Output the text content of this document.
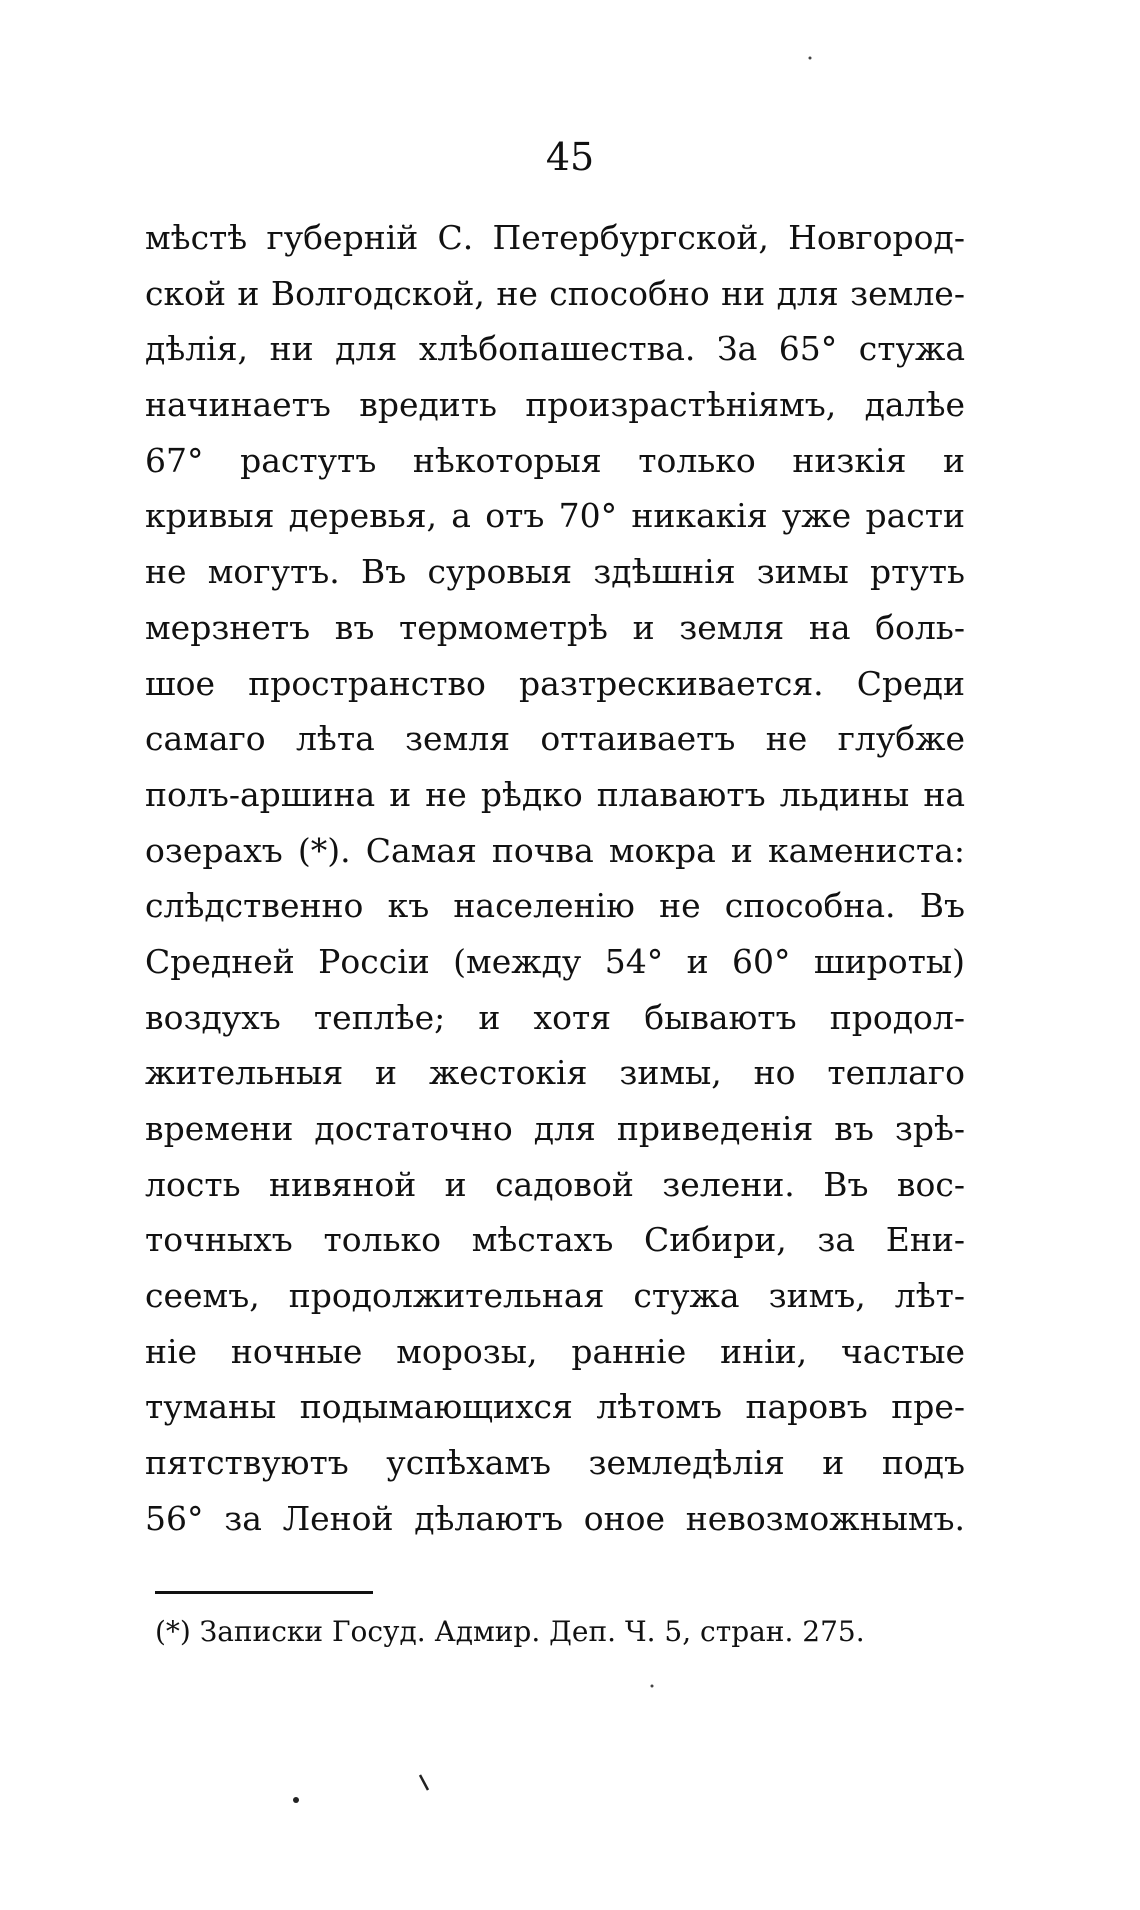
45
мѣстѣ губерній С. Петербургской, Новгород-
ской и Волгодской, не способно ни для земле-
дѣлія, ни для хлѣбопашества. За 65° стужа
начинаетъ вредить произрастѣніямъ, далѣе
67° растутъ нѣкоторыя только низкія и
кривыя деревья, а отъ 70° никакія уже расти
не могутъ. Въ суровыя здѣшнія зимы ртуть
мерзнетъ въ термометрѣ и земля на боль-
шое пространство разтрескивается. Среди
самаго лѣта земля оттаиваетъ не глубже
полъ-аршина и не рѣдко плаваютъ льдины на
озерахъ (*). Самая почва мокра и камениста:
слѣдственно къ населенію не способна. Въ
Средней Россіи (между 54° и 60° широты)
воздухъ теплѣе; и хотя бываютъ продол-
жительныя и жестокія зимы, но теплаго
времени достаточно для приведенія въ зрѣ-
лость нивяной и садовой зелени. Въ вос-
точныхъ только мѣстахъ Сибири, за Ени-
сеемъ, продолжительная стужа зимъ, лѣт-
ніе ночные морозы, ранніе иніи, частые
туманы подымающихся лѣтомъ паровъ пре-
пятствуютъ успѣхамъ земледѣлія и подъ
56° за Леной дѣлаютъ оное невозможнымъ.
(*) Записки Госуд. Адмир. Деп. Ч. 5, стран. 275.
